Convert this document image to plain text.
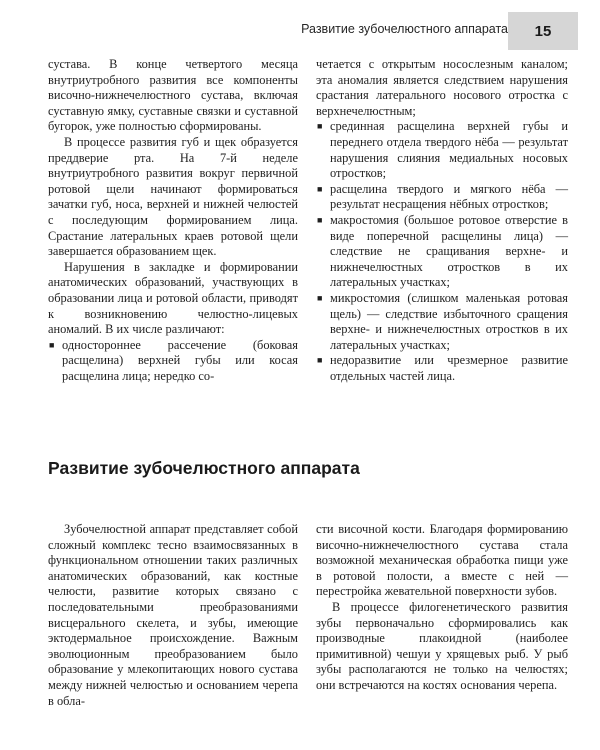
Развитие зубочелюстного аппарата	15

сустава. В конце четвертого месяца внутриутробного развития все компоненты височно-нижнечелюстного сустава, включая суставную ямку, суставные связки и суставной бугорок, уже полностью сформированы.

В процессе развития губ и щек образуется преддверие рта. На 7-й неделе внутриутробного развития вокруг первичной ротовой щели начинают формироваться зачатки губ, носа, верхней и нижней челюстей с последующим формированием лица. Срастание латеральных краев ротовой щели завершается образованием щек.

Нарушения в закладке и формировании анатомических образований, участвующих в образовании лица и ротовой области, приводят к возникновению челюстно-лицевых аномалий. В их числе различают:

■ одностороннее рассечение (боковая расщелина) верхней губы или косая расщелина лица; нередко со-

четается с открытым носослезным каналом; эта аномалия является следствием нарушения срастания латерального носового отростка с верхнечелюстным;

■ срединная расщелина верхней губы и переднего отдела твердого нёба — результат нарушения слияния медиальных носовых отростков;
■ расщелина твердого и мягкого нёба — результат несращения нёбных отростков;
■ макростомия (большое ротовое отверстие в виде поперечной расщелины лица) — следствие не сращивания верхне- и нижнечелюстных отростков в их латеральных участках;
■ микростомия (слишком маленькая ротовая щель) — следствие избыточного сращения верхне- и нижнечелюстных отростков в их латеральных участках;
■ недоразвитие или чрезмерное развитие отдельных частей лица.
Развитие зубочелюстного аппарата

Зубочелюстной аппарат представляет собой сложный комплекс тесно взаимосвязанных в функциональном отношении таких различных анатомических образований, как костные челюсти, развитие которых связано с последовательными преобразованиями висцерального скелета, и зубы, имеющие эктодермальное происхождение. Важным эволюционным преобразованием было образование у млекопитающих нового сустава между нижней челюстью и основанием черепа в обла-

сти височной кости. Благодаря формированию височно-нижнечелюстного сустава стала возможной механическая обработка пищи уже в ротовой полости, а вместе с ней — перестройка жевательной поверхности зубов.

В процессе филогенетического развития зубы первоначально сформировались как производные плакоидной (наиболее примитивной) чешуи у хрящевых рыб. У рыб зубы располагаются не только на челюстях; они встречаются на костях основания черепа.
